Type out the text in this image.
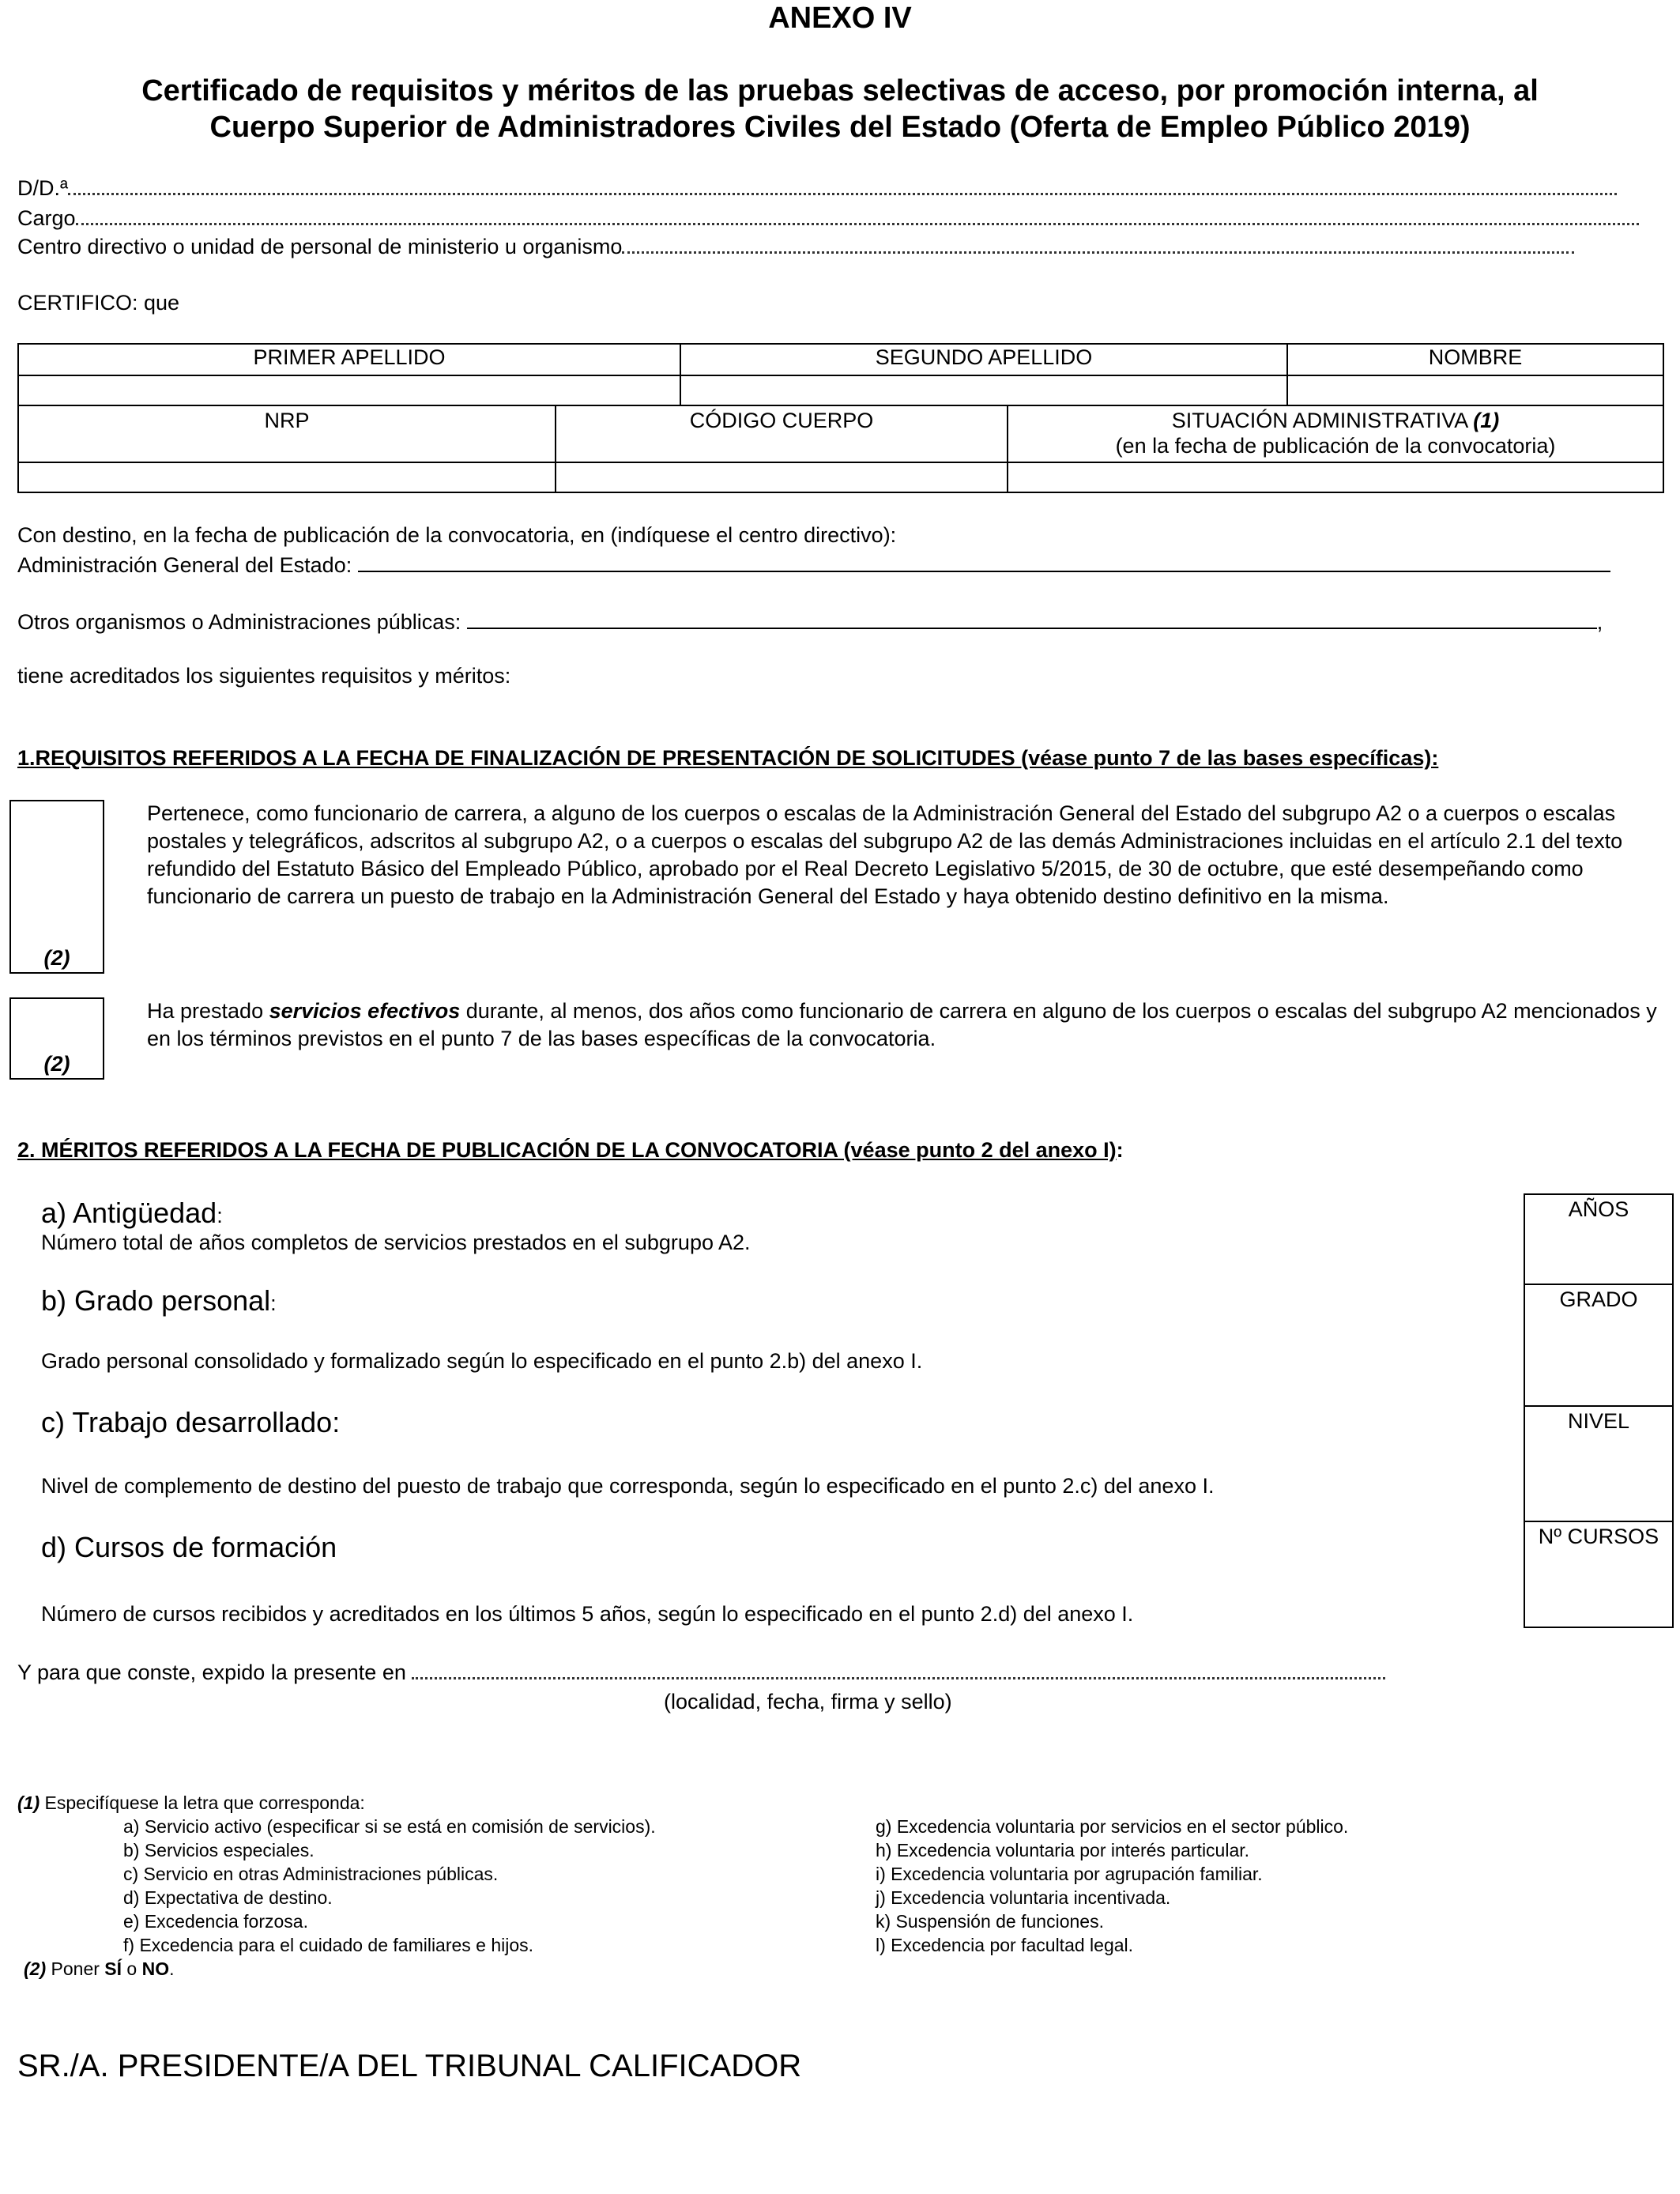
ANEXO IV
Certificado de requisitos y méritos de las pruebas selectivas de acceso, por promoción interna, al
Cuerpo Superior de Administradores Civiles del Estado (Oferta de Empleo Público 2019)
D/D.ª
Cargo
Centro directivo o unidad de personal de ministerio u organismo
CERTIFICO: que
PRIMER APELLIDO	SEGUNDO APELLIDO	NOMBRE

NRP	CÓDIGO CUERPO	SITUACIÓN ADMINISTRATIVA (1)
(en la fecha de publicación de la convocatoria)

Con destino, en la fecha de publicación de la convocatoria, en (indíquese el centro directivo):
Administración General del Estado:
Otros organismos o Administraciones públicas:	,
tiene acreditados los siguientes requisitos y méritos:
1.REQUISITOS REFERIDOS A LA FECHA DE FINALIZACIÓN DE PRESENTACIÓN DE SOLICITUDES (véase punto 7 de las bases específicas):
(2)
Pertenece, como funcionario de carrera, a alguno de los cuerpos o escalas de la Administración General del Estado del subgrupo A2 o a cuerpos o escalas postales y telegráficos, adscritos al subgrupo A2, o a cuerpos o escalas del subgrupo A2 de las demás Administraciones incluidas en el artículo 2.1 del texto refundido del Estatuto Básico del Empleado Público, aprobado por el Real Decreto Legislativo 5/2015, de 30 de octubre, que esté desempeñando como funcionario de carrera un puesto de trabajo en la Administración General del Estado y haya obtenido destino definitivo en la misma.
(2)
Ha prestado servicios efectivos durante, al menos, dos años como funcionario de carrera en alguno de los cuerpos o escalas del subgrupo A2 mencionados y en los términos previstos en el punto 7 de las bases específicas de la convocatoria.
2. MÉRITOS REFERIDOS A LA FECHA DE PUBLICACIÓN DE LA CONVOCATORIA (véase punto 2 del anexo I):
a) Antigüedad:
Número total de años completos de servicios prestados en el subgrupo A2.
b) Grado personal:
Grado personal consolidado y formalizado según lo especificado en el punto 2.b) del anexo I.
c) Trabajo desarrollado:
Nivel de complemento de destino del puesto de trabajo que corresponda, según lo especificado en el punto 2.c) del anexo I.
d) Cursos de formación
Número de cursos recibidos y acreditados en los últimos 5 años, según lo especificado en el punto 2.d) del anexo I.
AÑOS
GRADO
NIVEL
Nº CURSOS
Y para que conste, expido la presente en
(localidad, fecha, firma y sello)
(1) Especifíquese la letra que corresponda:
a) Servicio activo (especificar si se está en comisión de servicios).
b) Servicios especiales.
c) Servicio en otras Administraciones públicas.
d) Expectativa de destino.
e) Excedencia forzosa.
f) Excedencia para el cuidado de familiares e hijos.
g) Excedencia voluntaria por servicios en el sector público.
h) Excedencia voluntaria por interés particular.
i) Excedencia voluntaria por agrupación familiar.
j) Excedencia voluntaria incentivada.
k) Suspensión de funciones.
l) Excedencia por facultad legal.
(2) Poner SÍ o NO.
SR./A. PRESIDENTE/A DEL TRIBUNAL CALIFICADOR
